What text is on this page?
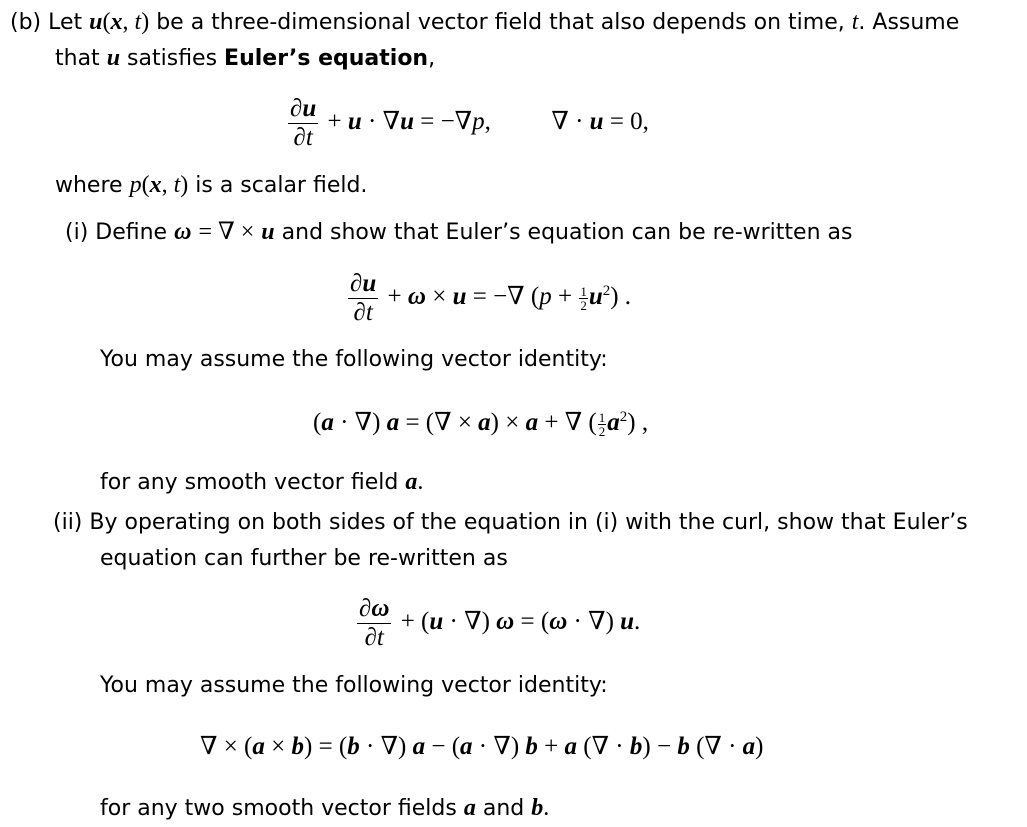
(b) Let u(x, t) be a three-dimensional vector field that also depends on time, t. Assume
that u satisfies Euler’s equation,
$\frac{\partial u}{\partial t} + u \cdot \nabla u = -\nabla p$,  ∇ · u = 0,
where p(x, t) is a scalar field.
(i) Define ω = ∇ × u and show that Euler’s equation can be re-written as
$\frac{\partial u}{\partial t} + \omega \times u$ = −∇ $(p + \frac{1}{2} u^2)$ .
You may assume the following vector identity:
(a · ∇) a = (∇ × a) × a + ∇ ( $\frac{1}{2} a^2$) ,
for any smooth vector field a.
(ii) By operating on both sides of the equation in (i) with the curl, show that Euler’s
equation can further be re-written as
$\frac{\partial\omega}{\partial t} + (u$ · ∇) ω = (ω · ∇) u.
You may assume the following vector identity:
∇ × (a × b) = (b · ∇) a − (a · ∇) b + a (∇ · b) − b (∇ · a)
for any two smooth vector fields a and b.
